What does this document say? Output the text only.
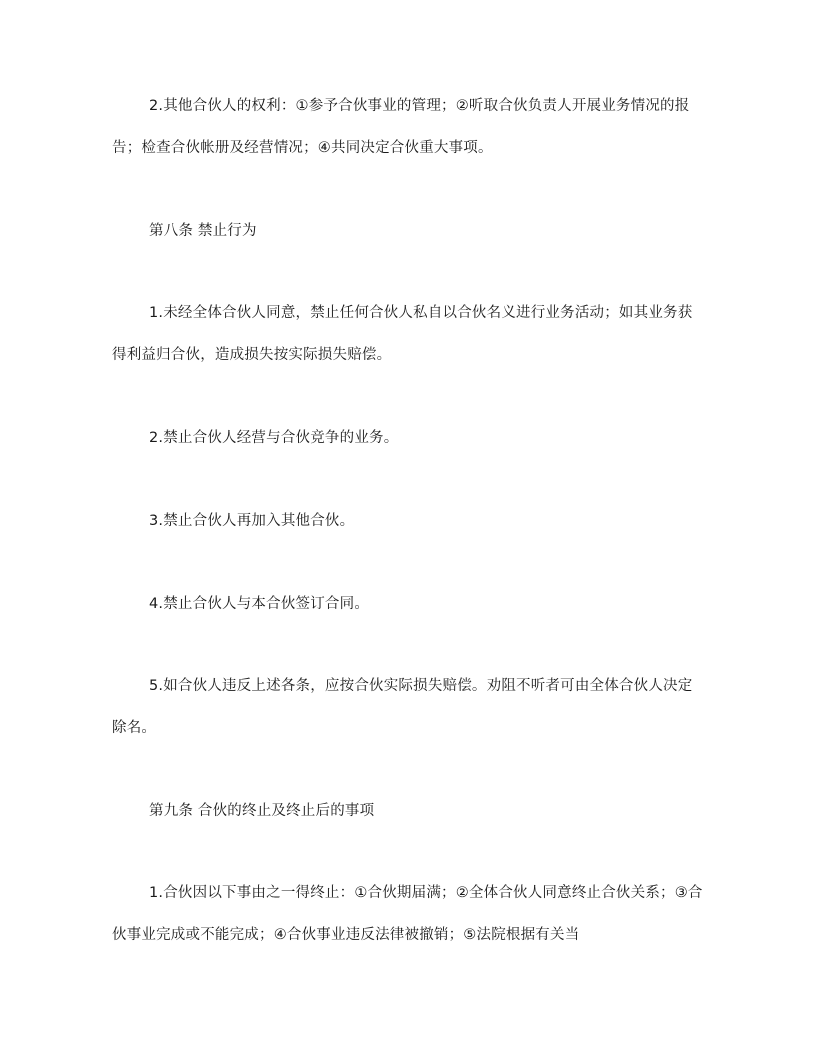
2.其他合伙人的权利：①参予合伙事业的管理；②听取合伙负责人开展业务情况的报告；检查合伙帐册及经营情况；④共同决定合伙重大事项。

第八条 禁止行为

1.未经全体合伙人同意，禁止任何合伙人私自以合伙名义进行业务活动；如其业务获得利益归合伙，造成损失按实际损失赔偿。

2.禁止合伙人经营与合伙竞争的业务。

3.禁止合伙人再加入其他合伙。

4.禁止合伙人与本合伙签订合同。

5.如合伙人违反上述各条，应按合伙实际损失赔偿。劝阻不听者可由全体合伙人决定除名。

第九条 合伙的终止及终止后的事项

1.合伙因以下事由之一得终止：①合伙期届满；②全体合伙人同意终止合伙关系；③合伙事业完成或不能完成；④合伙事业违反法律被撤销；⑤法院根据有关当
